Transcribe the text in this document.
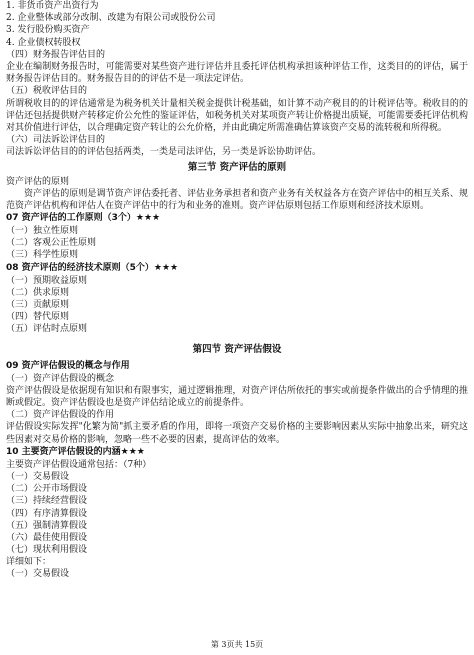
1. 非货币资产出资行为
2. 企业整体或部分改制、改建为有限公司或股份公司
3. 发行股份购买资产
4. 企业债权转股权
（四）财务报告评估目的
企业在编制财务报告时，可能需要对某些资产进行评估并且委托评估机构承担该种评估工作，这类目的的评估，属于财务报告评估目的。财务报告目的的评估不是一项法定评估。
（五）税收评估目的
所谓税收目的的评估通常是为税务机关计量相关税金提供计税基础，如计算不动产税目的的计税评估等。税收目的的评估还包括提供财产转移定价公允性的鉴证评估，如税务机关对某项资产转让价格提出质疑，可能需要委托评估机构对其价值进行评估，以合理确定资产转让的公允价格，并由此确定所需准确估算该资产交易的流转税和所得税。
（六）司法诉讼评估目的
司法诉讼评估目的的评估包括两类，一类是司法评估，另一类是诉讼协助评估。
第三节 资产评估的原则
资产评估的原则
资产评估的原则是调节资产评估委托者、评估业务承担者和资产业务有关权益各方在资产评估中的相互关系、规范资产评估机构和评估人在资产评估中的行为和业务的准则。资产评估原则包括工作原则和经济技术原则。
07 资产评估的工作原则（3个）★★★
（一）独立性原则
（二）客观公正性原则
（三）科学性原则
08 资产评估的经济技术原则（5个）★★★
（一）预期收益原则
（二）供求原则
（三）贡献原则
（四）替代原则
（五）评估时点原则
第四节 资产评估假设
09 资产评估假设的概念与作用
（一）资产评估假设的概念
资产评估假设是依据现有知识和有限事实，通过逻辑推理，对资产评估所依托的事实或前提条件做出的合乎情理的推断或假定。资产评估假设也是资产评估结论成立的前提条件。
（二）资产评估假设的作用
评估假设实际发挥"化繁为简"抓主要矛盾的作用，即将一项资产交易价格的主要影响因素从实际中抽象出来，研究这些因素对交易价格的影响，忽略一些不必要的因素，提高评估的效率。
10 主要资产评估假设的内涵★★★
主要资产评估假设通常包括：（7种）
（一）交易假设
（二）公开市场假设
（三）持续经营假设
（四）有序清算假设
（五）强制清算假设
（六）最佳使用假设
（七）现状利用假设
详细如下：
（一）交易假设
第 3页共 15页
